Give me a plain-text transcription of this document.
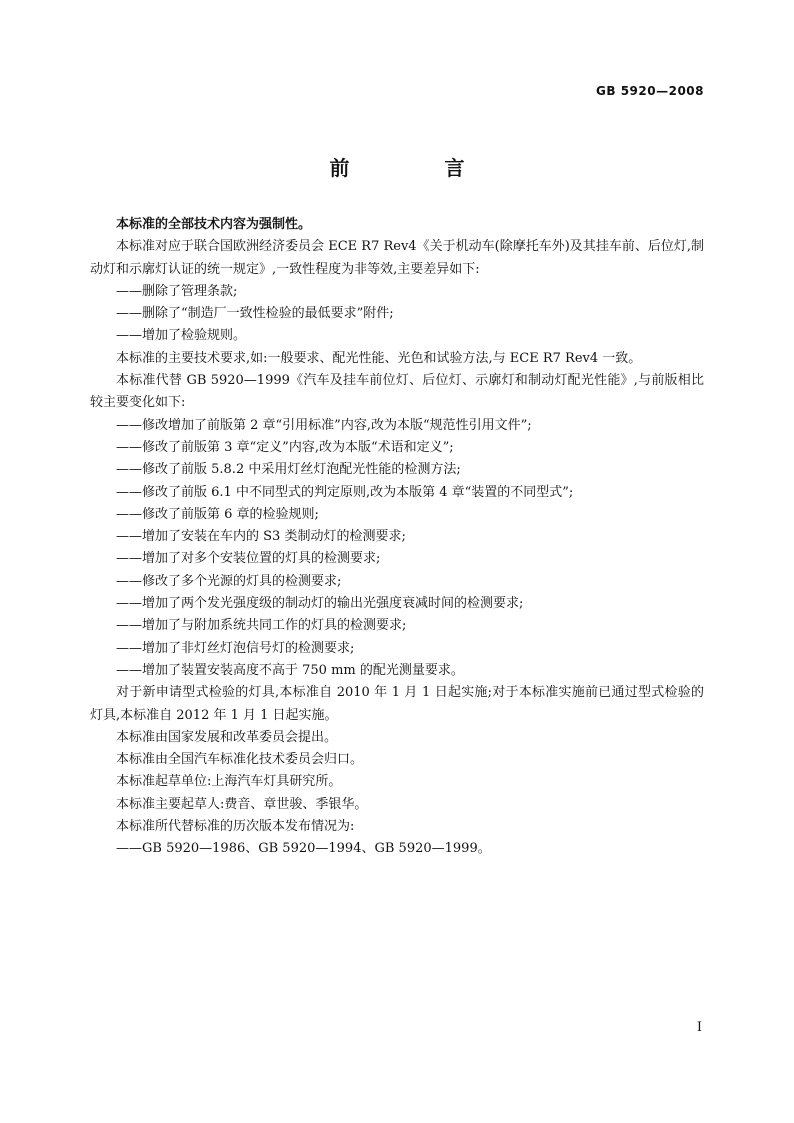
GB 5920—2008
前 言

本标准的全部技术内容为强制性。

本标准对应于联合国欧洲经济委员会 ECE R7 Rev4《关于机动车(除摩托车外)及其挂车前、后位灯,制动灯和示廓灯认证的统一规定》,一致性程度为非等效,主要差异如下:

——删除了管理条款;

——删除了“制造厂一致性检验的最低要求”附件;

——增加了检验规则。

本标准的主要技术要求,如:一般要求、配光性能、光色和试验方法,与 ECE R7 Rev4 一致。

本标准代替 GB 5920—1999《汽车及挂车前位灯、后位灯、示廓灯和制动灯配光性能》,与前版相比较主要变化如下:

——修改增加了前版第 2 章“引用标准”内容,改为本版“规范性引用文件”;

——修改了前版第 3 章“定义”内容,改为本版“术语和定义”;

——修改了前版 5.8.2 中采用灯丝灯泡配光性能的检测方法;

——修改了前版 6.1 中不同型式的判定原则,改为本版第 4 章“装置的不同型式”;

——修改了前版第 6 章的检验规则;

——增加了安装在车内的 S3 类制动灯的检测要求;

——增加了对多个安装位置的灯具的检测要求;

——修改了多个光源的灯具的检测要求;

——增加了两个发光强度级的制动灯的输出光强度衰减时间的检测要求;

——增加了与附加系统共同工作的灯具的检测要求;

——增加了非灯丝灯泡信号灯的检测要求;

——增加了装置安装高度不高于 750 mm 的配光测量要求。

对于新申请型式检验的灯具,本标准自 2010 年 1 月 1 日起实施;对于本标准实施前已通过型式检验的灯具,本标准自 2012 年 1 月 1 日起实施。

本标准由国家发展和改革委员会提出。

本标准由全国汽车标准化技术委员会归口。

本标准起草单位:上海汽车灯具研究所。

本标准主要起草人:费音、章世骏、季银华。

本标准所代替标准的历次版本发布情况为:

——GB 5920—1986、GB 5920—1994、GB 5920—1999。

I
